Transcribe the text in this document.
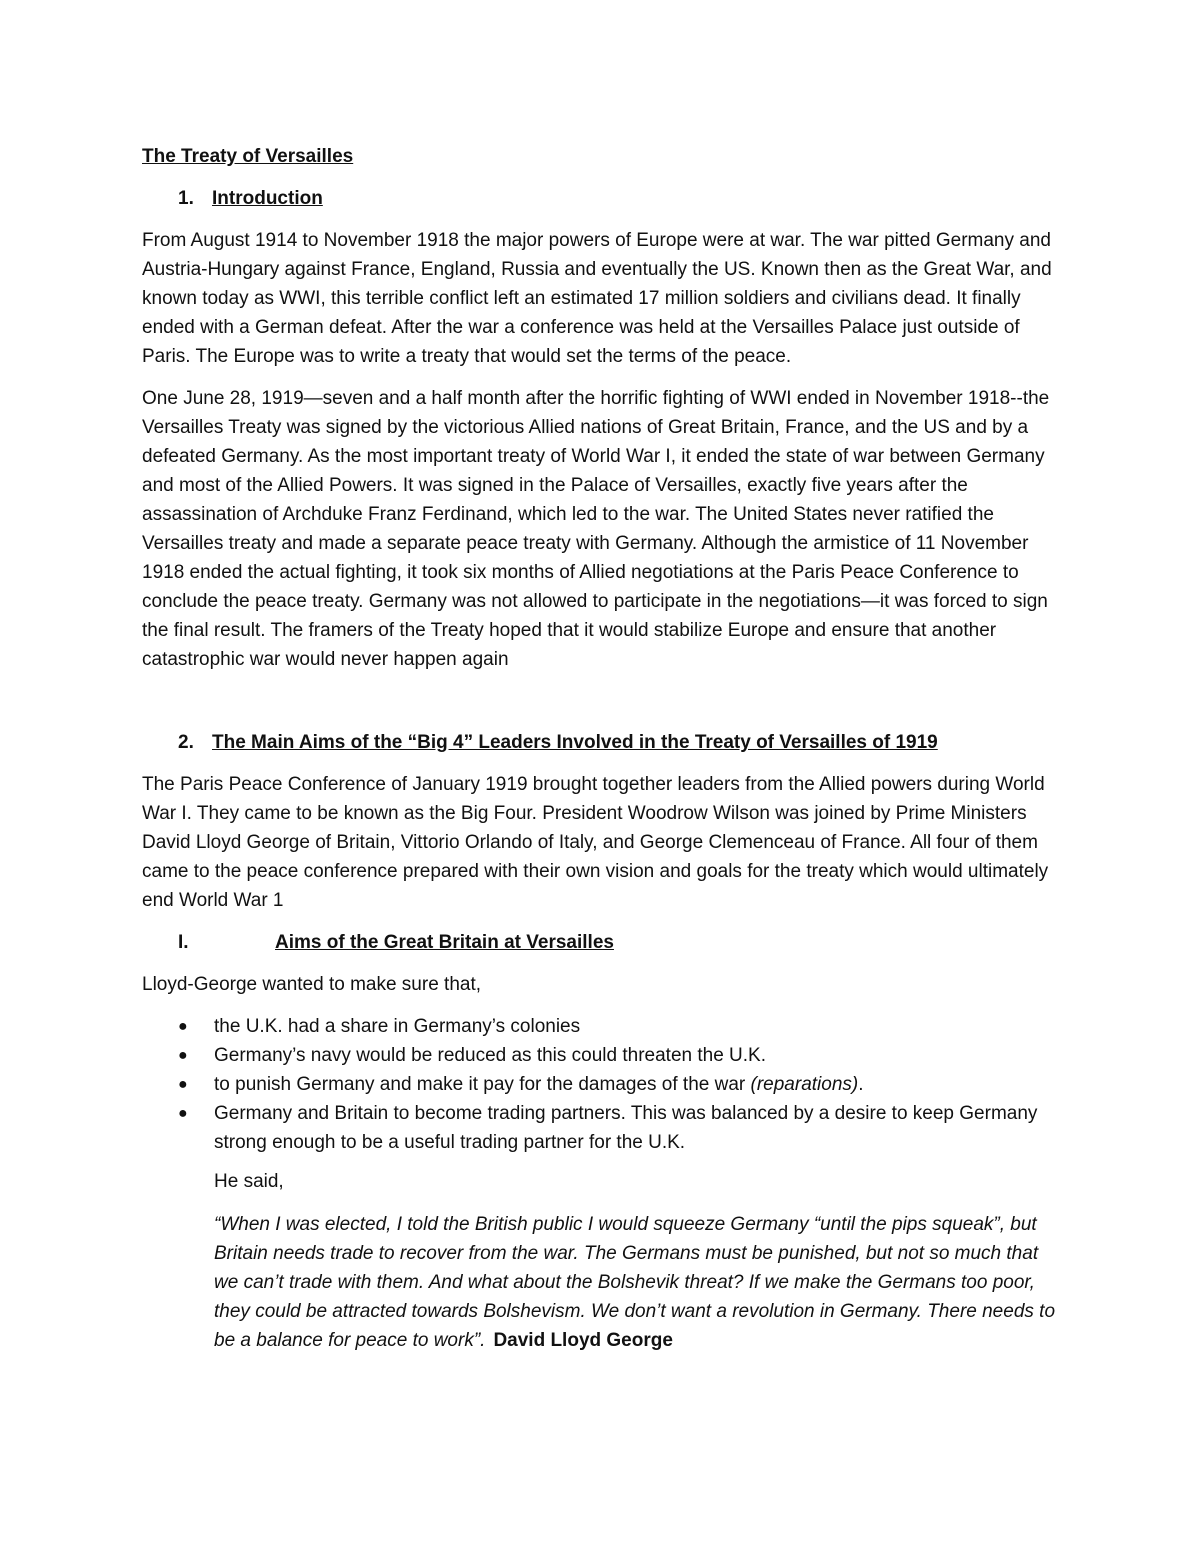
The Treaty of Versailles
1. Introduction

From August 1914 to November 1918 the major powers of Europe were at war. The war pitted Germany and Austria-Hungary against France, England, Russia and eventually the US. Known then as the Great War, and known today as WWI, this terrible conflict left an estimated 17 million soldiers and civilians dead. It finally ended with a German defeat. After the war a conference was held at the Versailles Palace just outside of Paris. The Europe was to write a treaty that would set the terms of the peace.

One June 28, 1919—seven and a half month after the horrific fighting of WWI ended in November 1918--the Versailles Treaty was signed by the victorious Allied nations of Great Britain, France, and the US and by a defeated Germany. As the most important treaty of World War I, it ended the state of war between Germany and most of the Allied Powers. It was signed in the Palace of Versailles, exactly five years after the assassination of Archduke Franz Ferdinand, which led to the war. The United States never ratified the Versailles treaty and made a separate peace treaty with Germany. Although the armistice of 11 November 1918 ended the actual fighting, it took six months of Allied negotiations at the Paris Peace Conference to conclude the peace treaty. Germany was not allowed to participate in the negotiations—it was forced to sign the final result. The framers of the Treaty hoped that it would stabilize Europe and ensure that another catastrophic war would never happen again

2. The Main Aims of the “Big 4” Leaders Involved in the Treaty of Versailles of 1919

The Paris Peace Conference of January 1919 brought together leaders from the Allied powers during World War I. They came to be known as the Big Four. President Woodrow Wilson was joined by Prime Ministers David Lloyd George of Britain, Vittorio Orlando of Italy, and George Clemenceau of France. All four of them came to the peace conference prepared with their own vision and goals for the treaty which would ultimately end World War 1

I.	Aims of the Great Britain at Versailles

Lloyd-George wanted to make sure that,

● the U.K. had a share in Germany’s colonies
● Germany’s navy would be reduced as this could threaten the U.K.
● to punish Germany and make it pay for the damages of the war (reparations).
● Germany and Britain to become trading partners. This was balanced by a desire to keep Germany strong enough to be a useful trading partner for the U.K.
He said,
“When I was elected, I told the British public I would squeeze Germany “until the pips squeak”, but Britain needs trade to recover from the war. The Germans must be punished, but not so much that we can’t trade with them. And what about the Bolshevik threat? If we make the Germans too poor, they could be attracted towards Bolshevism. We don’t want a revolution in Germany. There needs to be a balance for peace to work”. David Lloyd George
